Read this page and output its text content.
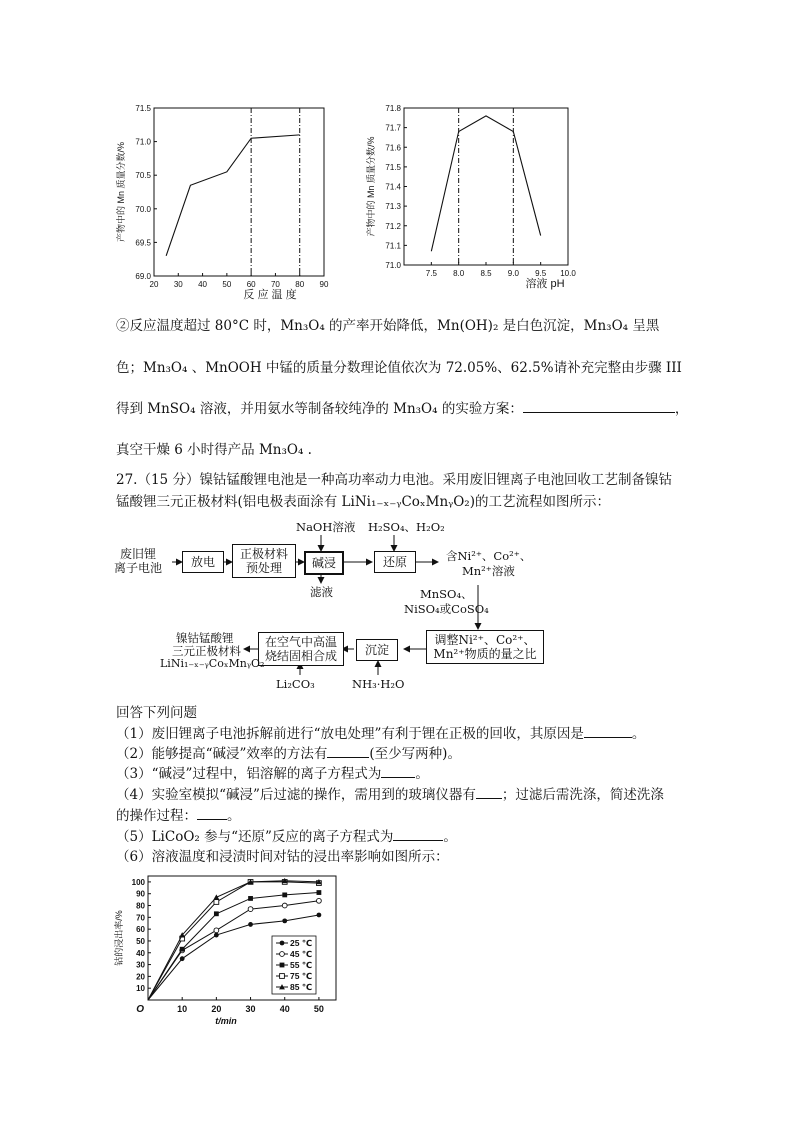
20 30 40 50 60 70 80 90
69.0
69.5
70.0
70.5
71.0
71.5
反 应 温 度
产物中的 Mn 质量分数/%
7.5 8.0 8.5 9.0 9.5 10.0
71.0
71.1
71.2
71.3
71.4
71.5
71.6
71.7
71.8
溶液 pH
产物中的 Mn 质量分数/%
②反应温度超过 80°C 时，Mn₃O₄ 的产率开始降低，Mn(OH)₂ 是白色沉淀，Mn₃O₄ 呈黑
色；Mn₃O₄ 、MnOOH 中锰的质量分数理论值依次为 72.05%、62.5%请补充完整由步骤 III
得到 MnSO₄ 溶液，并用氨水等制备较纯净的 Mn₃O₄ 的实验方案：	，
真空干燥 6 小时得产品 Mn₃O₄ .
27.（15 分）镍钴锰酸锂电池是一种高功率动力电池。采用废旧锂离子电池回收工艺制备镍钴
锰酸锂三元正极材料(铝电极表面涂有 LiNi₁₋ₓ₋ᵧCoₓMnᵧO₂)的工艺流程如图所示：
废旧锂
离子电池	放电
正极材料
预处理
NaOH溶液
碱浸
滤液
H₂SO₄、H₂O₂
还原	含Ni²⁺、Co²⁺、
Mn²⁺溶液
MnSO₄、
NiSO₄或CoSO₄
调整Ni²⁺、Co²⁺、
Mn²⁺物质的量之比
沉淀
NH₃·H₂O
在空气中高温
烧结固相合成
Li₂CO₃
镍钴锰酸锂
三元正极材料
LiNi₁₋ₓ₋ᵧCoₓMnᵧO₂
回答下列问题
（1）废旧锂离子电池拆解前进行“放电处理”有利于锂在正极的回收，其原因是	。
（2）能够提高“碱浸”效率的方法有	(至少写两种)。
（3）“碱浸”过程中，铝溶解的离子方程式为	。
（4）实验室模拟“碱浸”后过滤的操作，需用到的玻璃仪器有 ；过滤后需洗涤，简述洗涤
的操作过程： 。
（5）LiCoO₂ 参与“还原”反应的离子方程式为	。
（6）溶液温度和浸渍时间对钴的浸出率影响如图所示：
10	20	30	40	50
10
20
30
40
50
60
70
80
90
100
O
t/min
钴的浸出率/%	25 ℃
45 ℃
55 ℃
75 ℃
85 ℃
